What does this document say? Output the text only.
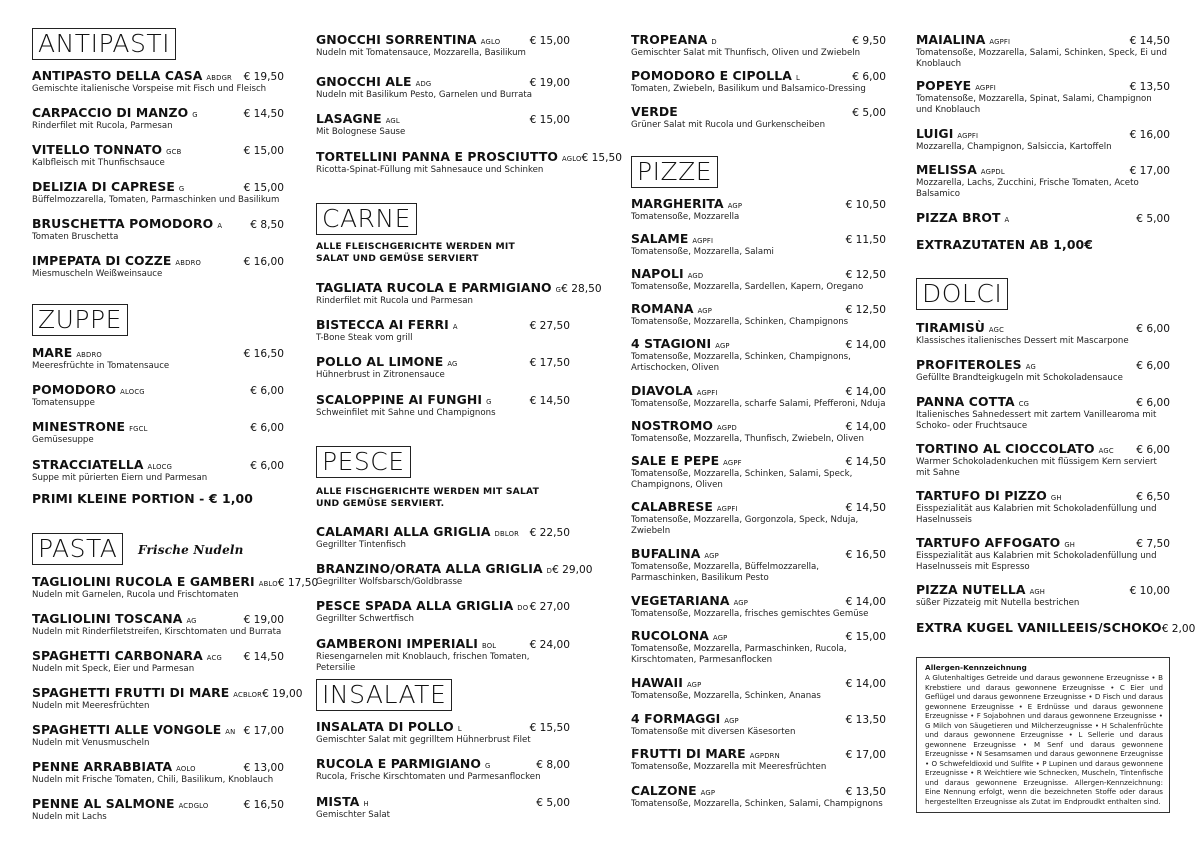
ANTIPASTI
ANTIPASTO DELLA CASA ABDGR € 19,50
Gemischte italienische Vorspeise mit Fisch und Fleisch
CARPACCIO DI MANZO G	€ 14,50
Rinderfilet mit Rucola, Parmesan
VITELLO TONNATO GCB	€ 15,00
Kalbfleisch mit Thunfischsauce
DELIZIA DI CAPRESE G	€ 15,00
Büffelmozzarella, Tomaten, Parmaschinken und Basilikum
BRUSCHETTA POMODORO A	€ 8,50
Tomaten Bruschetta
IMPEPATA DI COZZE ABDRO	€ 16,00
Miesmuscheln Weißweinsauce
ZUPPE
MARE ABDRO	€ 16,50
Meeresfrüchte in Tomatensauce
POMODORO ALOCG	€ 6,00
Tomatensuppe
MINESTRONE FGCL	€ 6,00
Gemüsesuppe
STRACCIATELLA ALOCG	€ 6,00
Suppe mit pürierten Eiern und Parmesan
PRIMI KLEINE PORTION - € 1,00
PASTA	Frische Nudeln
TAGLIOLINI RUCOLA E GAMBERI ABLO € 17,50
Nudeln mit Garnelen, Rucola und Frischtomaten
TAGLIOLINI TOSCANA AG	€ 19,00
Nudeln mit Rinderfiletstreifen, Kirschtomaten und Burrata
SPAGHETTI CARBONARA ACG € 14,50
Nudeln mit Speck, Eier und Parmesan
SPAGHETTI FRUTTI DI MARE ACBLOR € 19,00
Nudeln mit Meeresfrüchten
SPAGHETTI ALLE VONGOLE AN € 17,00
Nudeln mit Venusmuscheln
PENNE ARRABBIATA AOLO	€ 13,00
Nudeln mit Frische Tomaten, Chili, Basilikum, Knoblauch
PENNE AL SALMONE ACDGLO	€ 16,50
Nudeln mit Lachs
GNOCCHI SORRENTINA AGLO	€ 15,00
Nudeln mit Tomatensauce, Mozzarella, Basilikum
GNOCCHI ALE ADG	€ 19,00
Nudeln mit Basilikum Pesto, Garnelen und Burrata
LASAGNE AGL	€ 15,00
Mit Bolognese Sause
TORTELLINI PANNA E PROSCIUTTO AGLO € 15,50
Ricotta-Spinat-Füllung mit Sahnesauce und Schinken
CARNE
ALLE FLEISCHGERICHTE WERDEN MIT SALAT UND GEMÜSE SERVIERT
TAGLIATA RUCOLA E PARMIGIANO G € 28,50
Rinderfilet mit Rucola und Parmesan
BISTECCA AI FERRI A	€ 27,50
T-Bone Steak vom grill
POLLO AL LIMONE AG	€ 17,50
Hühnerbrust in Zitronensauce
SCALOPPINE AI FUNGHI G	€ 14,50
Schweinfilet mit Sahne und Champignons
PESCE
ALLE FISCHGERICHTE WERDEN MIT SALAT UND GEMÜSE SERVIERT.
CALAMARI ALLA GRIGLIA DBLOR € 22,50
Gegrillter Tintenfisch
BRANZINO/ORATA ALLA GRIGLIA D € 29,00
Gegrillter Wolfsbarsch/Goldbrasse
PESCE SPADA ALLA GRIGLIA DO € 27,00
Gegrillter Schwertfisch
GAMBERONI IMPERIALI BOL	€ 24,00
Riesengarnelen mit Knoblauch, frischen Tomaten, Petersilie
INSALATE
INSALATA DI POLLO L	€ 15,50
Gemischter Salat mit gegrilltem Hühnerbrust Filet
RUCOLA E PARMIGIANO G	€ 8,00
Rucola, Frische Kirschtomaten und Parmesanflocken
MISTA H	€ 5,00
Gemischter Salat
TROPEANA D	€ 9,50
Gemischter Salat mit Thunfisch, Oliven und Zwiebeln
POMODORO E CIPOLLA L	€ 6,00
Tomaten, Zwiebeln, Basilikum und Balsamico-Dressing
VERDE	€ 5,00
Grüner Salat mit Rucola und Gurkenscheiben
PIZZE
MARGHERITA AGP	€ 10,50
Tomatensoße, Mozzarella
SALAME AGPFI	€ 11,50
Tomatensoße, Mozzarella, Salami
NAPOLI AGD	€ 12,50
Tomatensoße, Mozzarella, Sardellen, Kapern, Oregano
ROMANA AGP	€ 12,50
Tomatensoße, Mozzarella, Schinken, Champignons
4 STAGIONI AGP	€ 14,00
Tomatensoße, Mozzarella, Schinken, Champignons, Artischocken, Oliven
DIAVOLA AGPFI	€ 14,00
Tomatensoße, Mozzarella, scharfe Salami, Pfefferoni, Nduja
NOSTROMO AGPD	€ 14,00
Tomatensoße, Mozzarella, Thunfisch, Zwiebeln, Oliven
SALE E PEPE AGPF	€ 14,50
Tomatensoße, Mozzarella, Schinken, Salami, Speck, Champignons, Oliven
CALABRESE AGPFI	€ 14,50
Tomatensoße, Mozzarella, Gorgonzola, Speck, Nduja, Zwiebeln
BUFALINA AGP	€ 16,50
Tomatensoße, Mozzarella, Büffelmozzarella, Parmaschinken, Basilikum Pesto
VEGETARIANA AGP	€ 14,00
Tomatensoße, Mozzarella, frisches gemischtes Gemüse
RUCOLONA AGP	€ 15,00
Tomatensoße, Mozzarella, Parmaschinken, Rucola, Kirschtomaten, Parmesanflocken
HAWAII AGP	€ 14,00
Tomatensoße, Mozzarella, Schinken, Ananas
4 FORMAGGI AGP	€ 13,50
Tomatensoße mit diversen Käsesorten
FRUTTI DI MARE AGPDRN	€ 17,00
Tomatensoße, Mozzarella mit Meeresfrüchten
CALZONE AGP	€ 13,50
Tomatensoße, Mozzarella, Schinken, Salami, Champignons
MAIALINA AGPFI	€ 14,50
Tomatensoße, Mozzarella, Salami, Schinken, Speck, Ei und Knoblauch
POPEYE AGPFI	€ 13,50
Tomatensoße, Mozzarella, Spinat, Salami, Champignon und Knoblauch
LUIGI AGPFI	€ 16,00
Mozzarella, Champignon, Salsiccia, Kartoffeln
MELISSA AGPDL	€ 17,00
Mozzarella, Lachs, Zucchini, Frische Tomaten, Aceto Balsamico
PIZZA BROT A	€ 5,00
EXTRAZUTATEN AB 1,00€
DOLCI
TIRAMISÙ AGC	€ 6,00
Klassisches italienisches Dessert mit Mascarpone
PROFITEROLES AG	€ 6,00
Gefüllte Brandteigkugeln mit Schokoladensauce
PANNA COTTA CG	€ 6,00
Italienisches Sahnedessert mit zartem Vanillearoma mit Schoko- oder Fruchtsauce
TORTINO AL CIOCCOLATO AGC € 6,00
Warmer Schokoladenkuchen mit flüssigem Kern serviert mit Sahne
TARTUFO DI PIZZO GH	€ 6,50
Eisspezialität aus Kalabrien mit Schokoladenfüllung und Haselnusseis
TARTUFO AFFOGATO GH	€ 7,50
Eisspezialität aus Kalabrien mit Schokoladenfüllung und Haselnusseis mit Espresso
PIZZA NUTELLA AGH	€ 10,00
süßer Pizzateig mit Nutella bestrichen
EXTRA KUGEL VANILLEEIS/SCHOKO € 2,00
Allergen-Kennzeichnung
A Glutenhaltiges Getreide und daraus gewonnene Erzeugnisse • B Krebstiere und daraus gewonnene Erzeugnisse • C Eier und Geflügel und daraus gewonnene Erzeugnisse • D Fisch und daraus gewonnene Erzeugnisse • E Erdnüsse und daraus gewonnene Erzeugnisse • F Sojabohnen und daraus gewonnene Erzeugnisse • G Milch von Säugetieren und Milcherzeugnisse • H Schalenfrüchte und daraus gewonnene Erzeugnisse • L Sellerie und daraus gewonnene Erzeugnisse • M Senf und daraus gewonnene Erzeugnisse • N Sesamsamen und daraus gewonnene Erzeugnisse • O Schwefeldioxid und Sulfite • P Lupinen und daraus gewonnene Erzeugnisse • R Weichtiere wie Schnecken, Muscheln, Tintenfische und daraus gewonnene Erzeugnisse. Allergen-Kennzeichnung: Eine Nennung erfolgt, wenn die bezeichneten Stoffe oder daraus hergestellten Erzeugnisse als Zutat im Endproudkt enthalten sind.
